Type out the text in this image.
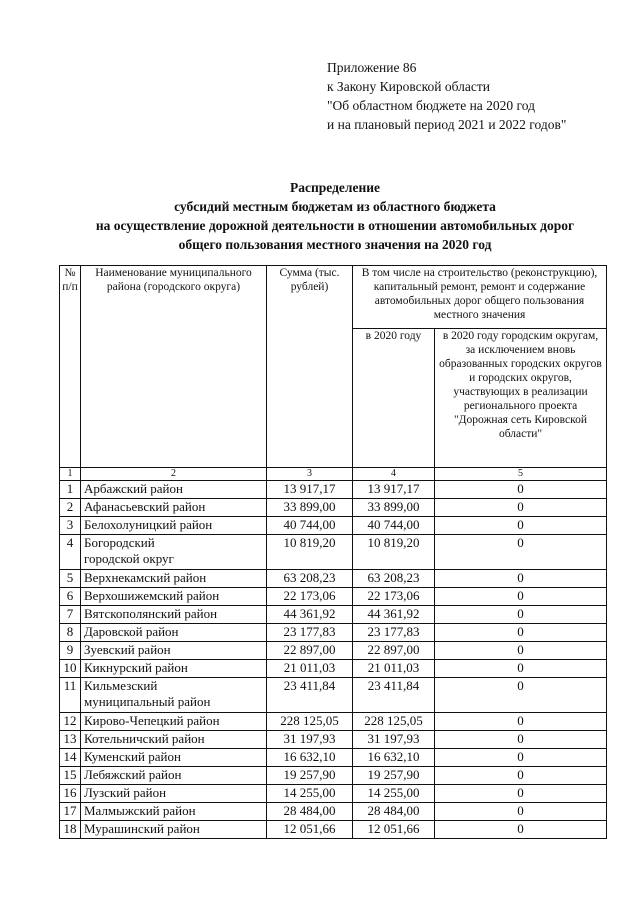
Приложение 86
к Закону Кировской области
"Об областном бюджете на 2020 год
и на плановый период 2021 и 2022 годов"
Распределение
субсидий местным бюджетам из областного бюджета
на осуществление дорожной деятельности в отношении автомобильных дорог
общего пользования местного значения на 2020 год
№ п/п	Наименование муниципального района (городского округа)	Сумма (тыс. рублей)	В том числе на строительство (реконструкцию), капитальный ремонт, ремонт и содержание автомобильных дорог общего пользования местного значения	
			в 2020 году	в 2020 году городским округам, за исключением вновь образованных городских округов и городских округов, участвующих в реализации регионального проекта "Дорожная сеть Кировской области"
1	2	3	4	5
1	Арбажский район	13 917,17	13 917,17	0
2	Афанасьевский район	33 899,00	33 899,00	0
3	Белохолуницкий район	40 744,00	40 744,00	0
4	Богородский
городской округ	10 819,20	10 819,20	0
5	Верхнекамский район	63 208,23	63 208,23	0
6	Верхошижемский район	22 173,06	22 173,06	0
7	Вятскополянский район	44 361,92	44 361,92	0
8	Даровской район	23 177,83	23 177,83	0
9	Зуевский район	22 897,00	22 897,00	0
10	Кикнурский район	21 011,03	21 011,03	0
11	Кильмезский
муниципальный район	23 411,84	23 411,84	0
12	Кирово-Чепецкий район	228 125,05	228 125,05	0
13	Котельничский район	31 197,93	31 197,93	0
14	Куменский район	16 632,10	16 632,10	0
15	Лебяжский район	19 257,90	19 257,90	0
16	Лузский район	14 255,00	14 255,00	0
17	Малмыжский район	28 484,00	28 484,00	0
18	Мурашинский район	12 051,66	12 051,66	0
